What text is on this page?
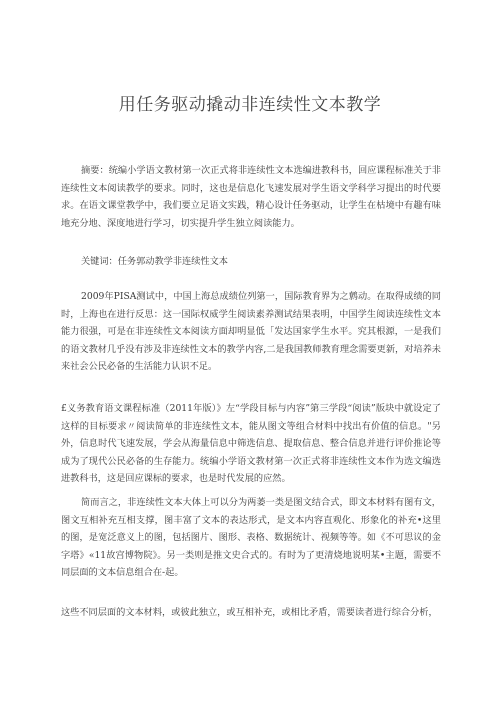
用任务驱动撬动非连续性文本教学

摘要：统编小学语文教材第一次正式将非连续性文本选编进教科书，回应课程标准关于非连续性文本阅读教学的要求。同时，这也是信息化飞速发展对学生语文学科学习提出的时代要求。在语文课堂教学中，我们要立足语文实践，精心设计任务驱动，让学生在枯境中有趣有味地充分地、深度地进行学习，切实提升学生独立阅读能力。

关键词：任务郭动教学非连续性文本

2009年PISA测试中，中国上海总成绩位列第一，国际教育界为之鹩动。在取得成绩的同时，上海也在进行反思：这一国际权威学生阅读素养测试结果表明，中国学生阅读连续性文本能力很强，可是在非连续性文本阅读方面却明显低「发达国家学生水平。究其根源，一是我们的语文教材几乎没有涉及非连续性文本的教学内容,二是我国教师教育理念需要更新，对培养未来社会公民必备的生活能力认识不足。

£义务教育语文课程标准（2011年版）》左“学段目标与内容”第三学段“阅读”版块中就设定了这样的目标要求〃阅读简单的非连续性文本，能从图文等组合材料中找出有价值的信息。"另外，信息时代飞速发展，学会从海量信息中筛选信息、提取信息、整合信息并进行评价推论等成为了现代公民必备的生存能力。统编小学语文教材第一次正式将非连续性文本作为选文编选进教科书，这是回应课标的要求，也是时代发展的应然。

简而言之，非连续性文本大体上可以分为两萎一类是图文结合式，即文本材料有图有文，图文互相补充互相支撑，图丰富了文本的表达形式，是文本内容直观化、形象化的补充•这里的图，是宽泛意义上的图，包括图片、图形、表格、数据统计、视频等等。如《不可思议的金字塔》«11故宫博物院》。另一类则是推文史合式的。有时为了更清烧地说明某•主题，需要不同层面的文本信息组合在-起。

这些不同层面的文本材料，或彼此独立，或互相补充，或相比矛盾，需要读者进行综合分析，
